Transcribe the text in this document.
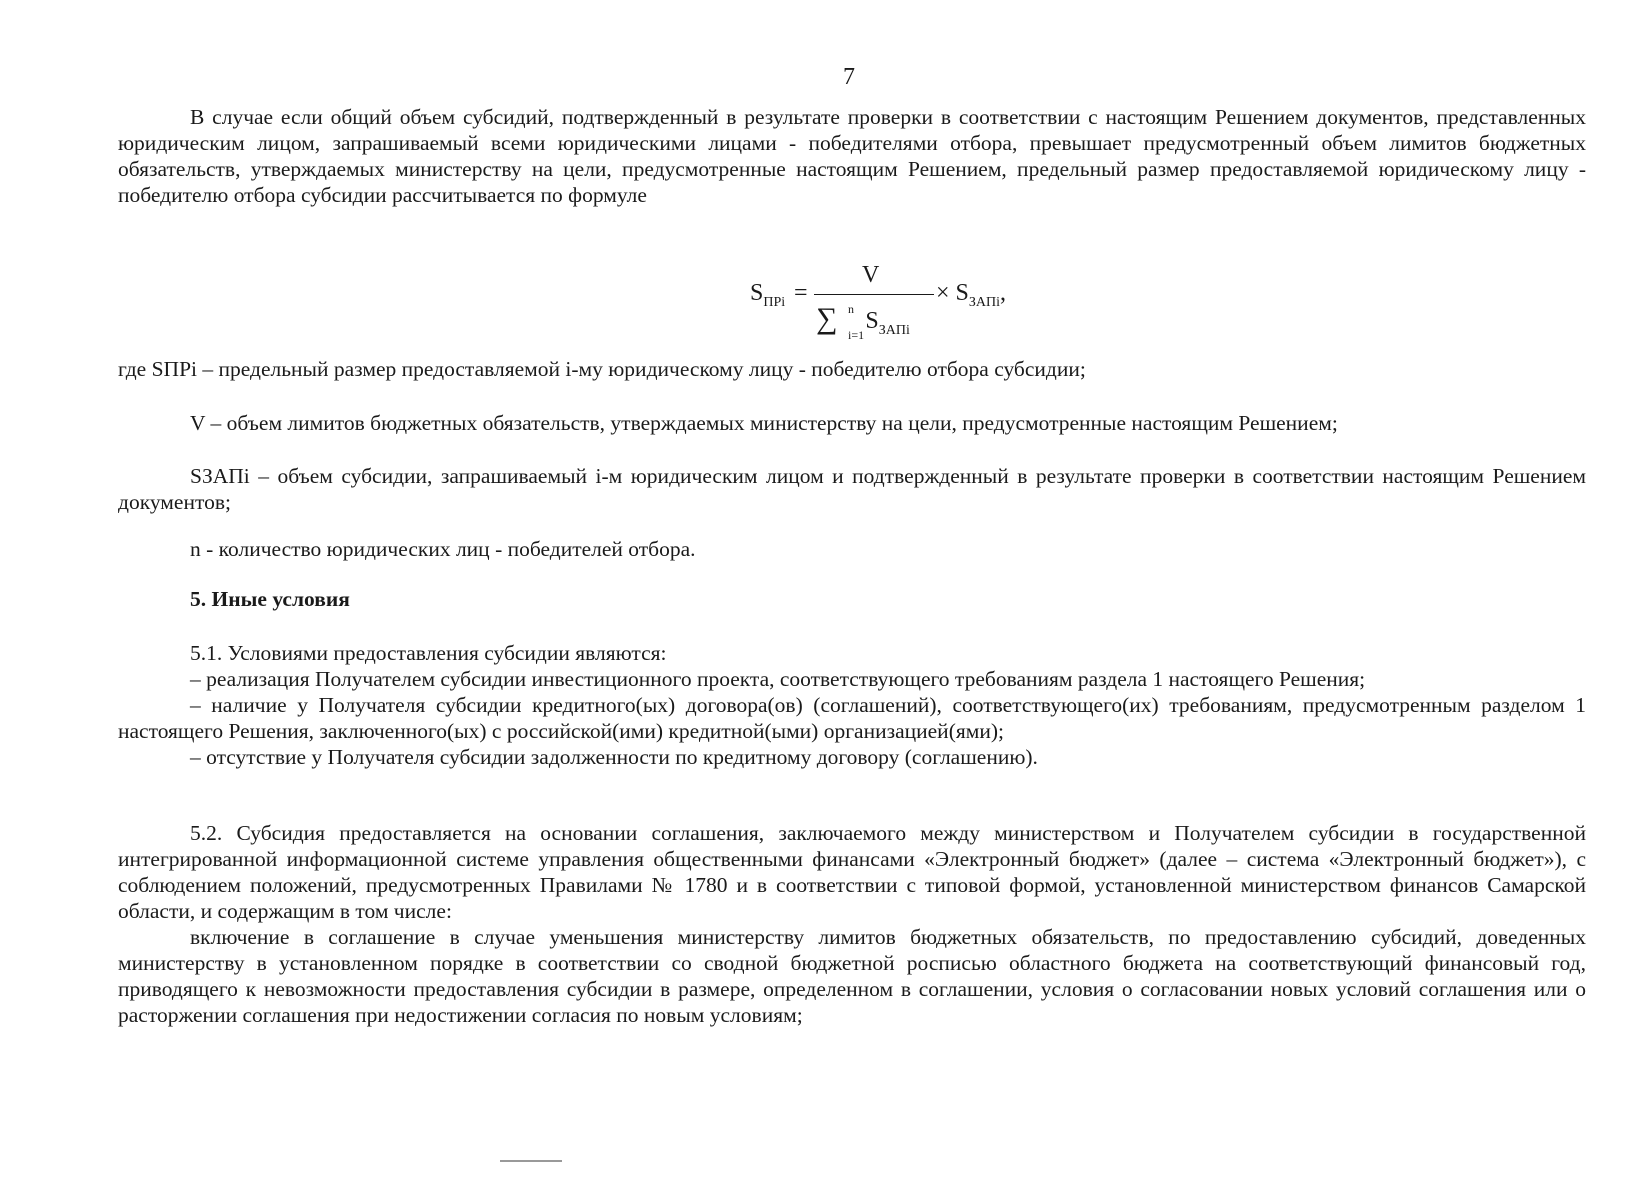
7

В случае если общий объем субсидий, подтвержденный в результате проверки в соответствии с настоящим Решением документов, представленных юридическим лицом, запрашиваемый всеми юридическими лицами - победителями отбора, превышает предусмотренный объем лимитов бюджетных обязательств, утверждаемых министерству на цели, предусмотренные настоящим Решением, предельный размер предоставляемой юридическому лицу - победителю отбора субсидии рассчитывается по формуле

$S_{ПРi}$ =
V
∑ n
i=1
$S_{ЗАПi}$
× $S_{ЗАПi}$,

где SПРi – предельный размер предоставляемой i-му юридическому лицу - победителю отбора субсидии;

V – объем лимитов бюджетных обязательств, утверждаемых министерству на цели, предусмотренные настоящим Решением;

SЗАПi – объем субсидии, запрашиваемый i-м юридическим лицом и подтвержденный в результате проверки в соответствии настоящим Решением документов;

n - количество юридических лиц - победителей отбора.

5. Иные условия

5.1. Условиями предоставления субсидии являются:
– реализация Получателем субсидии инвестиционного проекта, соответствующего требованиям раздела 1 настоящего Решения;
– наличие у Получателя субсидии кредитного(ых) договора(ов) (соглашений), соответствующего(их) требованиям, предусмотренным разделом 1 настоящего Решения, заключенного(ых) с российской(ими) кредитной(ыми) организацией(ями);
– отсутствие у Получателя субсидии задолженности по кредитному договору (соглашению).

5.2. Субсидия предоставляется на основании соглашения, заключаемого между министерством и Получателем субсидии в государственной интегрированной информационной системе управления общественными финансами «Электронный бюджет» (далее – система «Электронный бюджет»), с соблюдением положений, предусмотренных Правилами № 1780 и в соответствии с типовой формой, установленной министерством финансов Самарской области, и содержащим в том числе:

включение в соглашение в случае уменьшения министерству лимитов бюджетных обязательств, по предоставлению субсидий, доведенных министерству в установленном порядке в соответствии со сводной бюджетной росписью областного бюджета на соответствующий финансовый год, приводящего к невозможности предоставления субсидии в размере, определенном в соглашении, условия о согласовании новых условий соглашения или о расторжении соглашения при недостижении согласия по новым условиям;
